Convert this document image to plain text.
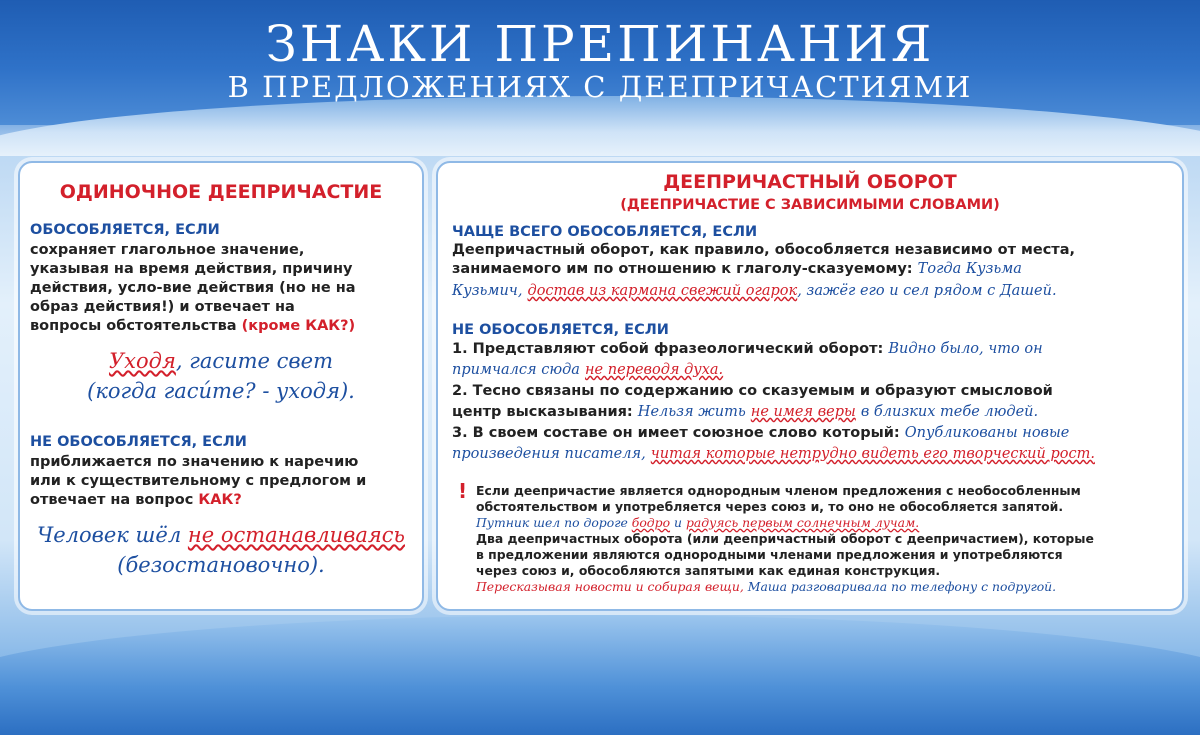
ЗНАКИ ПРЕПИНАНИЯ
В ПРЕДЛОЖЕНИЯХ С ДЕЕПРИЧАСТИЯМИ
ОДИНОЧНОЕ ДЕЕПРИЧАСТИЕ
ОБОСОБЛЯЕТСЯ, ЕСЛИ
сохраняет глагольное значение,
указывая на время действия, причину
действия, усло-вие действия (но не на
образ действия!) и отвечает на
вопросы обстоятельства (кроме КАК?)
Уходя, гасите свет
(когда гаси́те? - уходя).
НЕ ОБОСОБЛЯЕТСЯ, ЕСЛИ
приближается по значению к наречию
или к существительному с предлогом и
отвечает на вопрос КАК?
Человек шёл не останавливаясь
(безостановочно).
ДЕЕПРИЧАСТНЫЙ ОБОРОТ
(ДЕЕПРИЧАСТИЕ С ЗАВИСИМЫМИ СЛОВАМИ)
ЧАЩЕ ВСЕГО ОБОСОБЛЯЕТСЯ, ЕСЛИ
Деепричастный оборот, как правило, обособляется независимо от места,
занимаемого им по отношению к глаголу-сказуемому: Тогда Кузьма
Кузьмич, достав из кармана свежий огарок, зажёг его и сел рядом с Дашей.
НЕ ОБОСОБЛЯЕТСЯ, ЕСЛИ
1. Представляют собой фразеологический оборот: Видно было, что он
примчался сюда не переводя духа.
2. Тесно связаны по содержанию со сказуемым и образуют смысловой
центр высказывания: Нельзя жить не имея веры в близких тебе людей.
3. В своем составе он имеет союзное слово который: Опубликованы новые
произведения писателя, читая которые нетрудно видеть его творческий рост.
! Если деепричастие является однородным членом предложения с необособленным
обстоятельством и употребляется через союз и, то оно не обособляется запятой.
Путник шел по дороге бодро и радуясь первым солнечным лучам.
Два деепричастных оборота (или деепричастный оборот с деепричастием), которые
в предложении являются однородными членами предложения и употребляются
через союз и, обособляются запятыми как единая конструкция.
Пересказывая новости и собирая вещи, Маша разговаривала по телефону с подругой.
